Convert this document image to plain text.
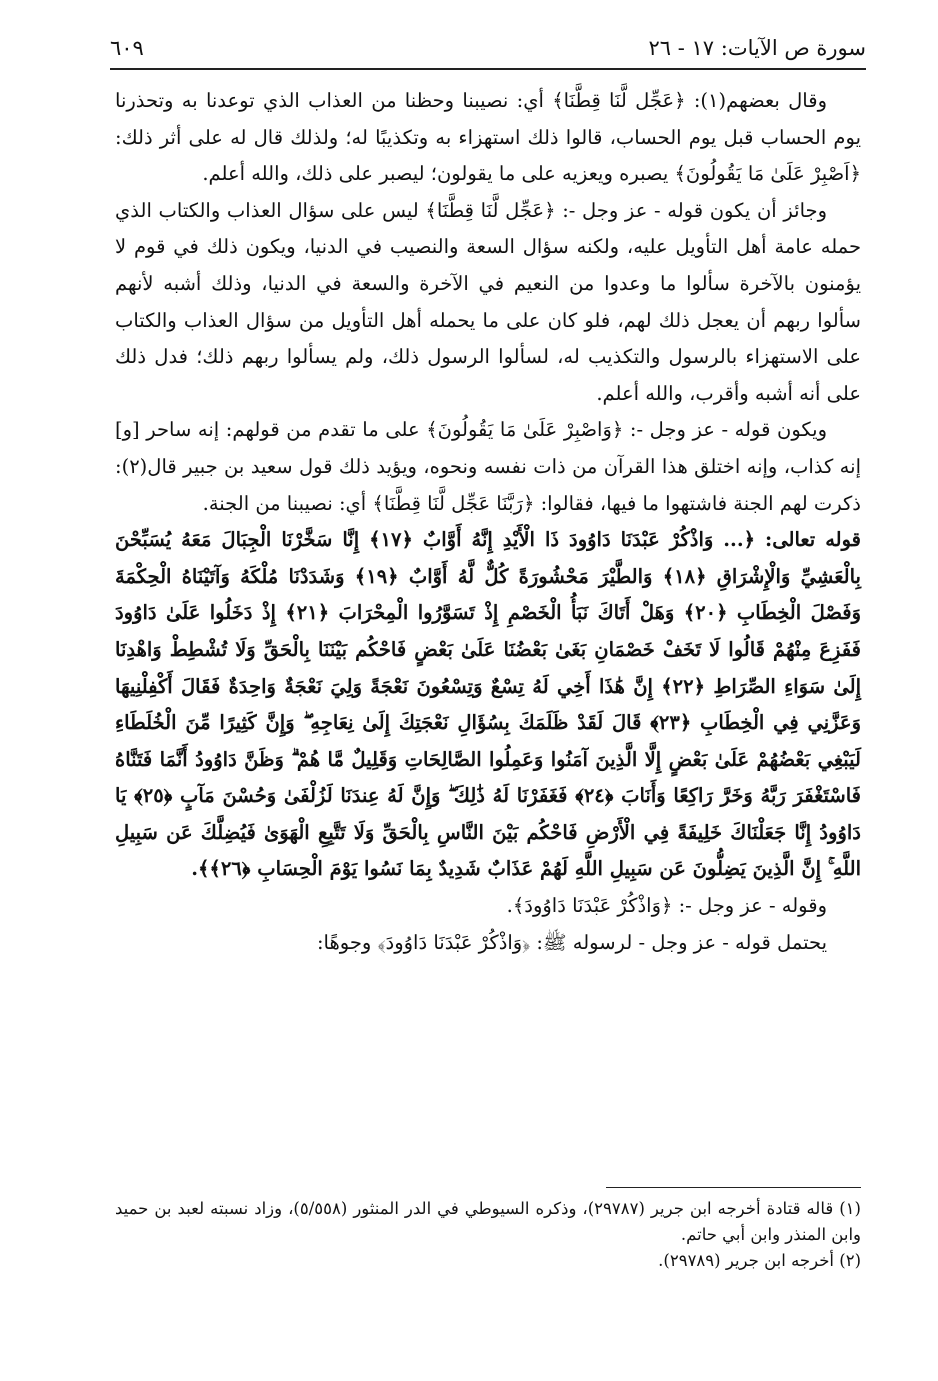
سورة ص الآيات: ١٧ - ٢٦
٦٠٩

وقال بعضهم(١): ﴿عَجِّل لَّنَا قِطَّنَا﴾ أي: نصيبنا وحظنا من العذاب الذي توعدنا به وتحذرنا يوم الحساب قبل يوم الحساب، قالوا ذلك استهزاء به وتكذيبًا له؛ ولذلك قال له على أثر ذلك: ﴿اَصْبِرْ عَلَىٰ مَا يَقُولُونَ﴾ يصبره ويعزيه على ما يقولون؛ ليصبر على ذلك، والله أعلم.

وجائز أن يكون قوله - عز وجل -: ﴿عَجِّل لَّنَا قِطَّنَا﴾ ليس على سؤال العذاب والكتاب الذي حمله عامة أهل التأويل عليه، ولكنه سؤال السعة والنصيب في الدنيا، ويكون ذلك في قوم لا يؤمنون بالآخرة سألوا ما وعدوا من النعيم في الآخرة والسعة في الدنيا، وذلك أشبه لأنهم سألوا ربهم أن يعجل ذلك لهم، فلو كان على ما يحمله أهل التأويل من سؤال العذاب والكتاب على الاستهزاء بالرسول والتكذيب له، لسألوا الرسول ذلك، ولم يسألوا ربهم ذلك؛ فدل ذلك على أنه أشبه وأقرب، والله أعلم.

ويكون قوله - عز وجل -: ﴿وَاصْبِرْ عَلَىٰ مَا يَقُولُونَ﴾ على ما تقدم من قولهم: إنه ساحر [و] إنه كذاب، وإنه اختلق هذا القرآن من ذات نفسه ونحوه، ويؤيد ذلك قول سعيد بن جبير قال(٢): ذكرت لهم الجنة فاشتهوا ما فيها، فقالوا: ﴿رَبَّنَا عَجِّل لَّنَا قِطَّنَا﴾ أي: نصيبنا من الجنة.

قوله تعالى: ﴿... وَاذْكُرْ عَبْدَنَا دَاوُودَ ذَا الْأَيْدِ إِنَّهُ أَوَّابٌ ﴿١٧﴾ إِنَّا سَخَّرْنَا الْجِبَالَ مَعَهُ يُسَبِّحْنَ بِالْعَشِيِّ وَالْإِشْرَاقِ ﴿١٨﴾ وَالطَّيْرَ مَحْشُورَةً كُلٌّ لَّهُ أَوَّابٌ ﴿١٩﴾ وَشَدَدْنَا مُلْكَهُ وَآتَيْنَاهُ الْحِكْمَةَ وَفَصْلَ الْخِطَابِ ﴿٢٠﴾ وَهَلْ أَتَاكَ نَبَأُ الْخَصْمِ إِذْ تَسَوَّرُوا الْمِحْرَابَ ﴿٢١﴾ إِذْ دَخَلُوا عَلَىٰ دَاوُودَ فَفَزِعَ مِنْهُمْ قَالُوا لَا تَخَفْ خَصْمَانِ بَغَىٰ بَعْضُنَا عَلَىٰ بَعْضٍ فَاحْكُم بَيْنَنَا بِالْحَقِّ وَلَا تُشْطِطْ وَاهْدِنَا إِلَىٰ سَوَاءِ الصِّرَاطِ ﴿٢٢﴾ إِنَّ هَٰذَا أَخِي لَهُ تِسْعٌ وَتِسْعُونَ نَعْجَةً وَلِيَ نَعْجَةٌ وَاحِدَةٌ فَقَالَ أَكْفِلْنِيهَا وَعَزَّنِي فِي الْخِطَابِ ﴿٢٣﴾ قَالَ لَقَدْ ظَلَمَكَ بِسُؤَالِ نَعْجَتِكَ إِلَىٰ نِعَاجِهِ ۖ وَإِنَّ كَثِيرًا مِّنَ الْخُلَطَاءِ لَيَبْغِي بَعْضُهُمْ عَلَىٰ بَعْضٍ إِلَّا الَّذِينَ آمَنُوا وَعَمِلُوا الصَّالِحَاتِ وَقَلِيلٌ مَّا هُمْ ۗ وَظَنَّ دَاوُودُ أَنَّمَا فَتَنَّاهُ فَاسْتَغْفَرَ رَبَّهُ وَخَرَّ رَاكِعًا وَأَنَابَ ﴿٢٤﴾ فَغَفَرْنَا لَهُ ذَٰلِكَ ۖ وَإِنَّ لَهُ عِندَنَا لَزُلْفَىٰ وَحُسْنَ مَآبٍ ﴿٢٥﴾ يَا دَاوُودُ إِنَّا جَعَلْنَاكَ خَلِيفَةً فِي الْأَرْضِ فَاحْكُم بَيْنَ النَّاسِ بِالْحَقِّ وَلَا تَتَّبِعِ الْهَوَىٰ فَيُضِلَّكَ عَن سَبِيلِ اللَّهِ ۚ إِنَّ الَّذِينَ يَضِلُّونَ عَن سَبِيلِ اللَّهِ لَهُمْ عَذَابٌ شَدِيدٌ بِمَا نَسُوا يَوْمَ الْحِسَابِ ﴿٢٦﴾﴾.

وقوله - عز وجل -: ﴿وَاذْكُرْ عَبْدَنَا دَاوُودَ﴾.

يحتمل قوله - عز وجل - لرسوله ﷺ: ﴿وَاذْكُرْ عَبْدَنَا دَاوُودَ﴾ وجوهًا:

(١) قاله قتادة أخرجه ابن جرير (٢٩٧٨٧)، وذكره السيوطي في الدر المنثور (٥/٥٥٨)، وزاد نسبته لعبد بن حميد وابن المنذر وابن أبي حاتم.

(٢) أخرجه ابن جرير (٢٩٧٨٩).
